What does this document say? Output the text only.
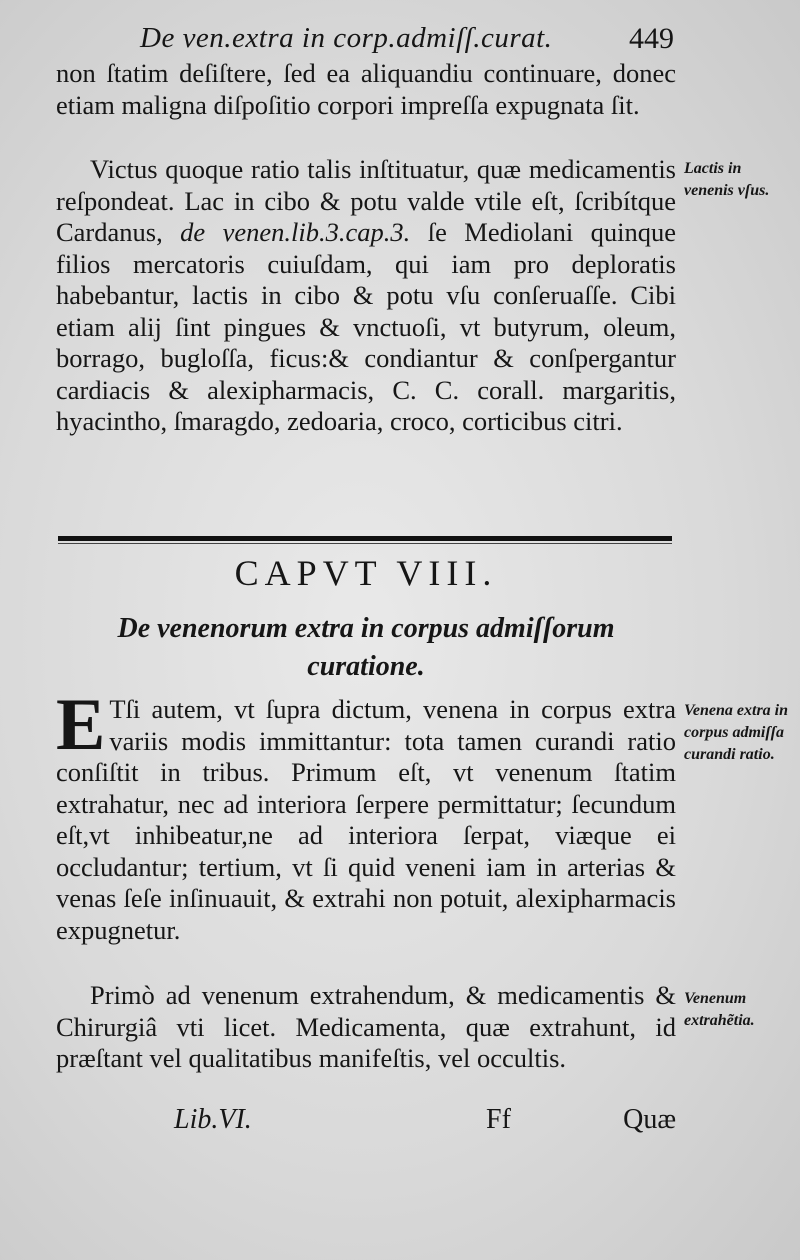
De ven.extra in corp.admiſſ.curat.	449

non ſtatim deſiſtere, ſed ea aliquandiu continuare, donec etiam maligna diſpoſitio corpori impreſſa expugnata ſit.

Victus quoque ratio talis inſtituatur, quæ medicamentis reſpondeat. Lac in cibo & potu valde vtile eſt, ſcribítque Cardanus, de venen.lib.3.cap.3. ſe Mediolani quinque filios mercatoris cuiuſdam, qui iam pro deploratis habebantur, lactis in cibo & potu vſu conſeruaſſe. Cibi etiam alij ſint pingues & vnctuoſi, vt butyrum, oleum, borrago, bugloſſa, ficus:& condiantur & conſpergantur cardiacis & alexipharmacis, C. C. corall. margaritis, hyacintho, ſmaragdo, zedoaria, croco, corticibus citri.

Lactis in venenis vſus.
CAPVT VIII.
De venenorum extra in corpus admiſſorum curatione.

E Tſi autem, vt ſupra dictum, venena in corpus extra variis modis immittantur: tota tamen curandi ratio conſiſtit in tribus. Primum eſt, vt venenum ſtatim extrahatur, nec ad interiora ſerpere permittatur; ſecundum eſt,vt inhibeatur,ne ad interiora ſerpat, viæque ei occludantur; tertium, vt ſi quid veneni iam in arterias & venas ſeſe inſinuauit, & extrahi non potuit, alexipharmacis expugnetur.

Venena extra in corpus admiſſa curandi ratio.

Primò ad venenum extrahendum, & medicamentis & Chirurgiâ vti licet. Medicamenta, quæ extrahunt, id præſtant vel qualitatibus manifeſtis, vel occultis.

Venenum extrahẽtia.
Lib.VI.	Ff	Quæ
